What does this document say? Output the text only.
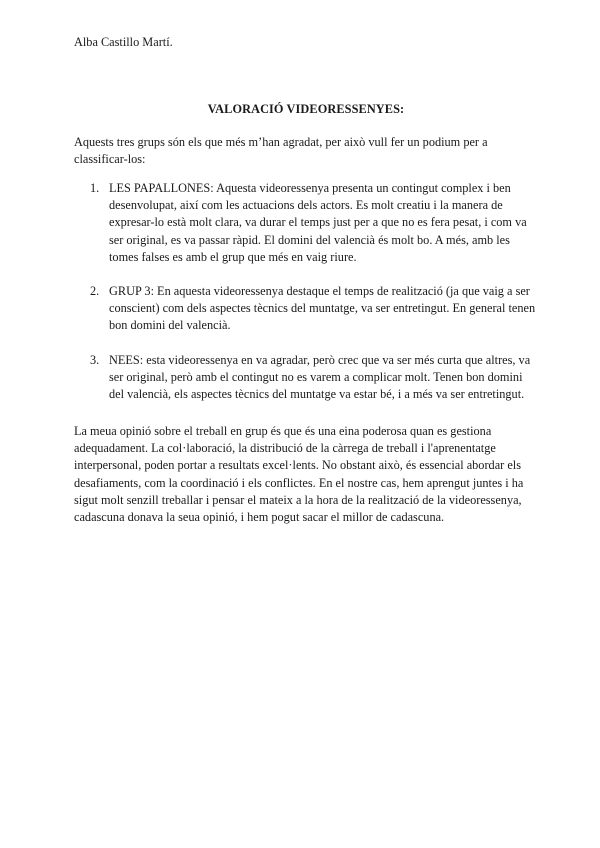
Alba Castillo Martí.
VALORACIÓ VIDEORESSENYES:

Aquests tres grups són els que més m’han agradat, per això vull fer un podium per a classificar-los:

1. LES PAPALLONES: Aquesta videoressenya presenta un contingut complex i ben desenvolupat, així com les actuacions dels actors. Es molt creatiu i la manera de expresar-lo està molt clara, va durar el temps just per a que no es fera pesat, i com va ser original, es va passar ràpid. El domini del valencià és molt bo. A més, amb les tomes falses es amb el grup que més en vaig riure.
2. GRUP 3: En aquesta videoressenya destaque el temps de realització (ja que vaig a ser conscient) com dels aspectes tècnics del muntatge, va ser entretingut. En general tenen bon domini del valencià.
3. NEES: esta videoressenya en va agradar, però crec que va ser més curta que altres, va ser original, però amb el contingut no es varem a complicar molt. Tenen bon domini del valencià, els aspectes tècnics del muntatge va estar bé, i a més va ser entretingut.

La meua opinió sobre el treball en grup és que és una eina poderosa quan es gestiona adequadament. La col·laboració, la distribució de la càrrega de treball i l'aprenentatge interpersonal, poden portar a resultats excel·lents. No obstant això, és essencial abordar els desafiaments, com la coordinació i els conflictes. En el nostre cas, hem aprengut juntes i ha sigut molt senzill treballar i pensar el mateix a la hora de la realització de la videoressenya, cadascuna donava la seua opinió, i hem pogut sacar el millor de cadascuna.
